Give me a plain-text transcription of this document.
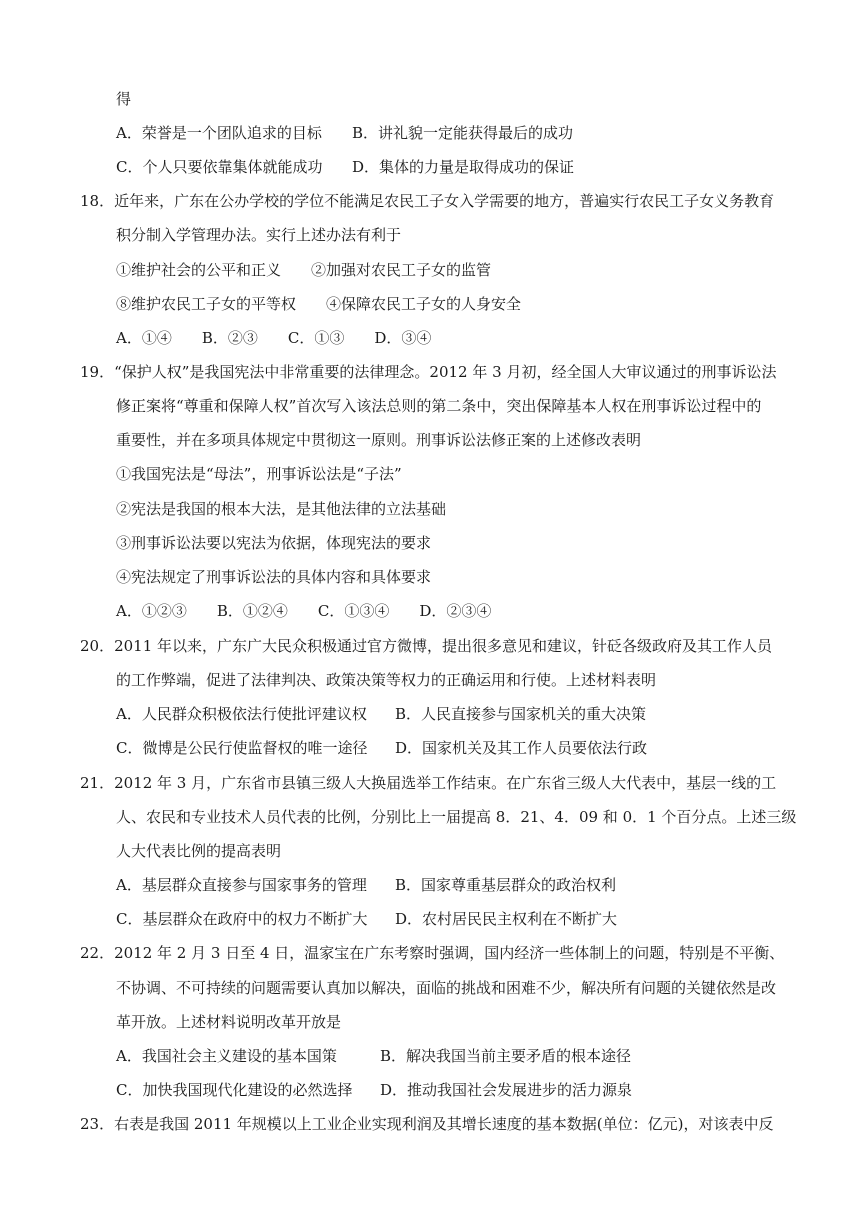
得
A．荣誉是一个团队追求的目标 B．讲礼貌一定能获得最后的成功
C．个人只要依靠集体就能成功 D．集体的力量是取得成功的保证
18．近年来，广东在公办学校的学位不能满足农民工子女入学需要的地方，普遍实行农民工子女义务教育
积分制入学管理办法。实行上述办法有利于
①维护社会的公平和正义　　②加强对农民工子女的监管
⑧维护农民工子女的平等权　　④保障农民工子女的人身安全
A．①④　　B．②③　　C．①③　　D．③④
19．“保护人权”是我国宪法中非常重要的法律理念。2012 年 3 月初，经全国人大审议通过的刑事诉讼法
修正案将“尊重和保障人权”首次写入该法总则的第二条中，突出保障基本人权在刑事诉讼过程中的
重要性，并在多项具体规定中贯彻这一原则。刑事诉讼法修正案的上述修改表明
①我国宪法是“母法”，刑事诉讼法是“子法”
②宪法是我国的根本大法，是其他法律的立法基础
③刑事诉讼法要以宪法为依据，体现宪法的要求
④宪法规定了刑事诉讼法的具体内容和具体要求
A．①②③　　B．①②④　　C．①③④　　D．②③④
20．2011 年以来，广东广大民众积极通过官方微博，提出很多意见和建议，针砭各级政府及其工作人员
的工作弊端，促进了法律判决、政策决策等权力的正确运用和行使。上述材料表明
A．人民群众积极依法行使批评建议权 B．人民直接参与国家机关的重大决策
C．微博是公民行使监督权的唯一途径 D．国家机关及其工作人员要依法行政
21．2012 年 3 月，广东省市县镇三级人大换届选举工作结束。在广东省三级人大代表中，基层一线的工
人、农民和专业技术人员代表的比例，分别比上一届提高 8．21、4．09 和 0．1 个百分点。上述三级
人大代表比例的提高表明
A．基层群众直接参与国家事务的管理 B．国家尊重基层群众的政治权利
C．基层群众在政府中的权力不断扩大 D．农村居民民主权利在不断扩大
22．2012 年 2 月 3 日至 4 日，温家宝在广东考察时强调，国内经济一些体制上的问题，特别是不平衡、
不协调、不可持续的问题需要认真加以解决，面临的挑战和困难不少，解决所有问题的关键依然是改
革开放。上述材料说明改革开放是
A．我国社会主义建设的基本国策	B．解决我国当前主要矛盾的根本途径
C．加快我国现代化建设的必然选择 D．推动我国社会发展进步的活力源泉
23．右表是我国 2011 年规模以上工业企业实现利润及其增长速度的基本数据(单位：亿元)，对该表中反
